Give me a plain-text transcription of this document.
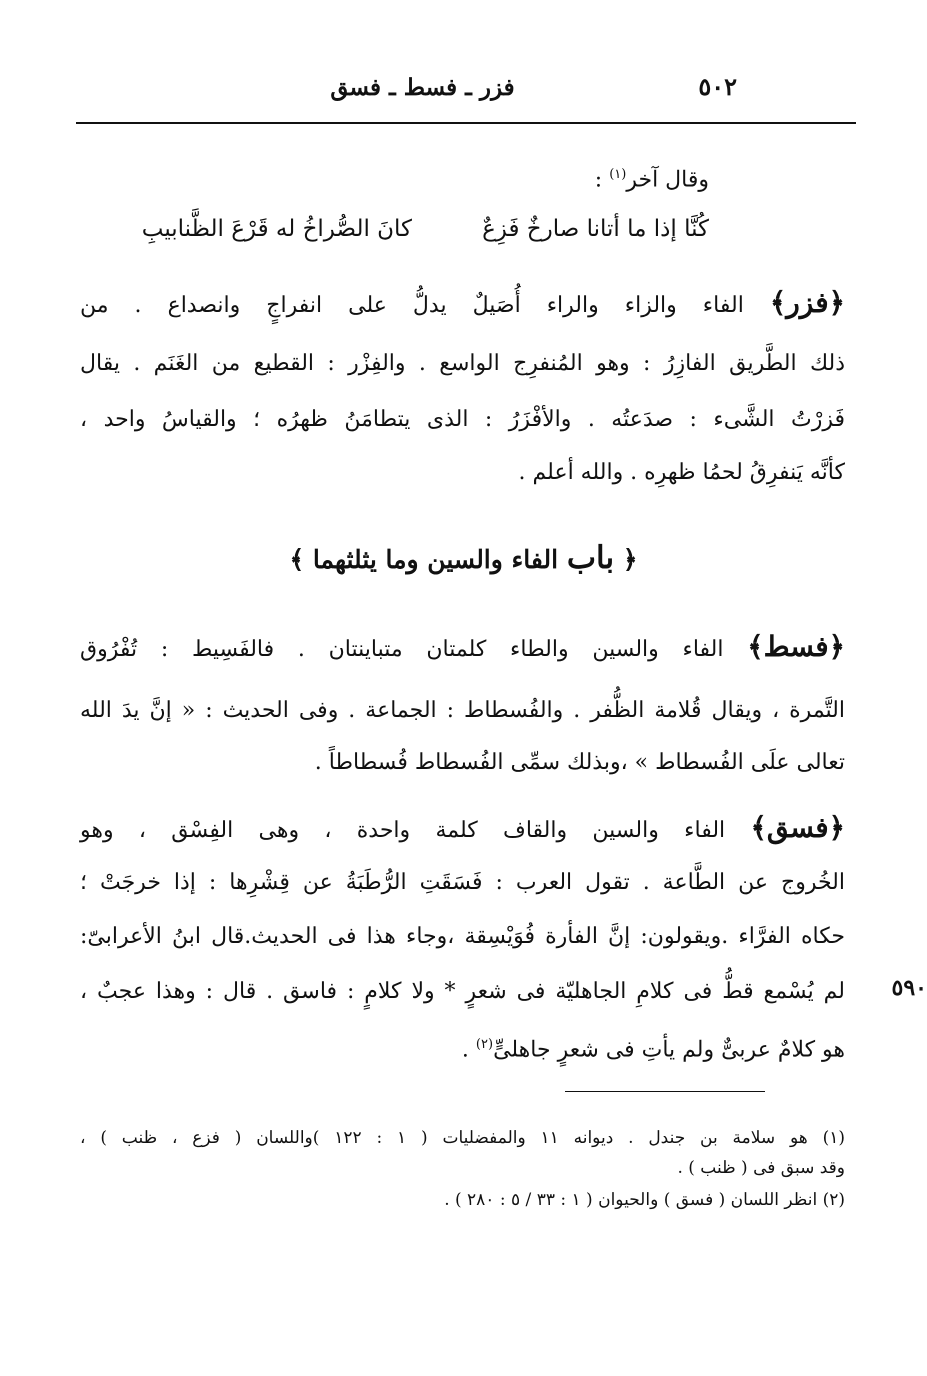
٥٠٢
فزر ـ فسط ـ فسق
وقال آخر$^{(١)}$ :
كُنَّا إذا ما أتانا صارخٌ فَزِعٌ
كانَ الصُّراخُ له قَرْعَ الظَّنابيبِ
﴿فزر﴾ الفاء والزاء والراء أُصَيلٌ يدلُّ على انفراجٍ وانصداع . من
ذلك الطَّريق الفازِرُ : وهو المُنفرِج الواسع . والفِزْر : القطيع من الغَنَم . يقال
فَزرْتُ الشَّىء : صدَعتُه . والأفْزَرُ : الذى يتطامَنُ ظهرُه ؛ والقياسُ واحد ،
كأنَّه يَنفرِقُ لحمُا ظهرِه . والله أعلم .
﴿ باب الفاء والسين وما يثلثهما ﴾
﴿فسط﴾ الفاء والسين والطاء كلمتان متباينتان . فالفَسِيط : تُفْرُوق
التَّمرة ، ويقال قُلامة الظُّفر . والفُسطاط : الجماعة . وفى الحديث : « إنَّ يدَ الله
تعالى علَى الفُسطاط » ،وبذلك سمِّى الفُسطاط فُسطاطاً .
﴿فسق﴾ الفاء والسين والقاف كلمة واحدة ، وهى الفِسْق ، وهو
الخُروج عن الطَّاعة . تقول العرب : فَسَقَتِ الرُّطَبَةُ عن قِشْرِها : إذا خرجَتْ ؛
حكاه الفرَّاء .ويقولون: إنَّ الفأرة فُوَيْسِقة ،وجاء هذا فى الحديث.قال ابنُ الأعرابىّ:
لم يُسْمع قطُّ فى كلامِ الجاهليّة فى شعرٍ * ولا كلامٍ : فاسق . قال : وهذا عجبٌ ،
هو كلامٌ عربىٌّ ولم يأتِ فى شعرٍ جاهلىٍّ$^{(٢)}$ .
٥٩٠
(١) هو سلامة بن جندل . ديوانه ١١ والمفضليات ( ١ : ١٢٢ )واللسان ( فزع ، ظنب ) ،
وقد سبق فى ( ظنب ) .
(٢) انظر اللسان ( فسق ) والحيوان ( ١ : ٣٣ / ٥ : ٢٨٠ ) .
